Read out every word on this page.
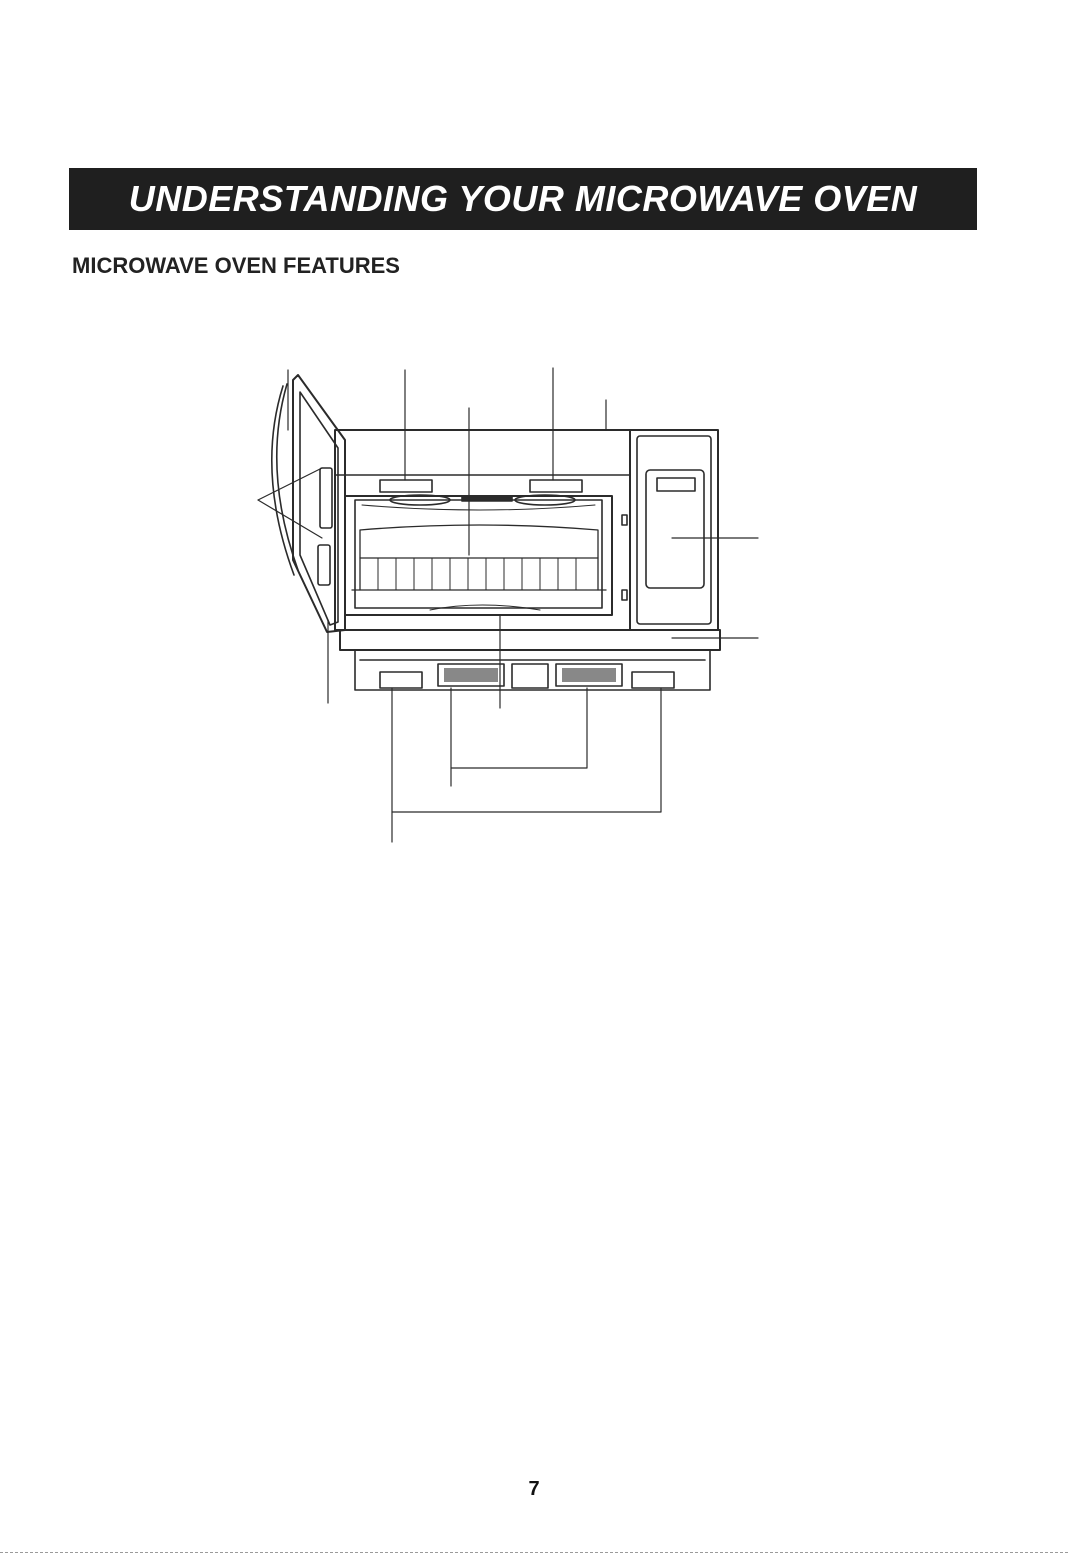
UNDERSTANDING YOUR MICROWAVE OVEN
MICROWAVE OVEN FEATURES
7
